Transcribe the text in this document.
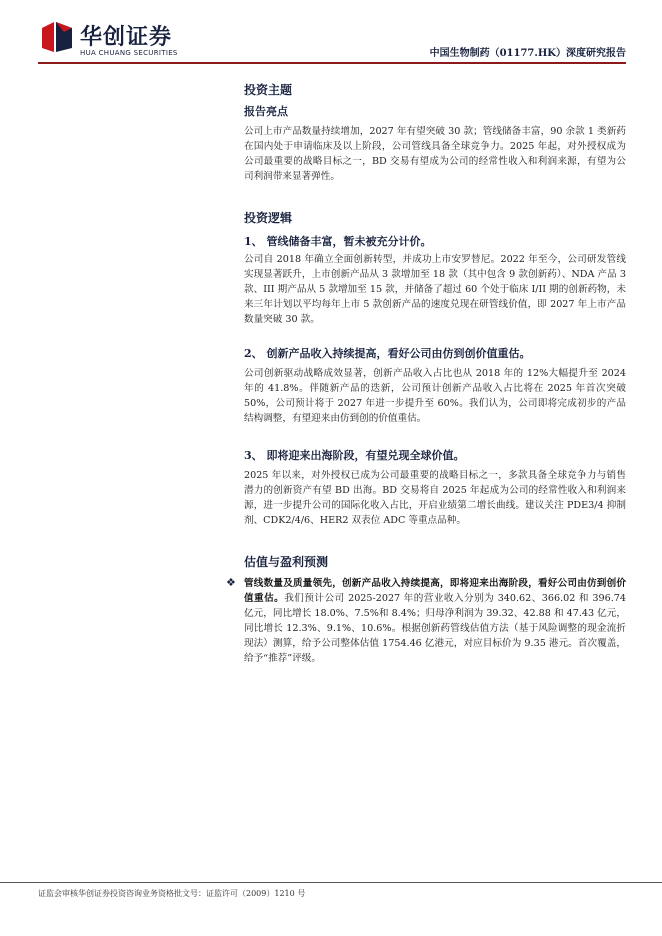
华创证券
HUA CHUANG SECURITIES	中国生物制药（01177.HK）深度研究报告

投资主题

报告亮点

公司上市产品数量持续增加，2027 年有望突破 30 款；管线储备丰富，90 余款 1 类新药在国内处于申请临床及以上阶段，公司管线具备全球竞争力。2025 年起，对外授权成为公司最重要的战略目标之一，BD 交易有望成为公司的经常性收入和利润来源，有望为公司利润带来显著弹性。

投资逻辑

1、 管线储备丰富，暂未被充分计价。

公司自 2018 年确立全面创新转型，并成功上市安罗替尼。2022 年至今，公司研发管线实现显著跃升，上市创新产品从 3 款增加至 18 款（其中包含 9 款创新药）、NDA 产品 3 款、III 期产品从 5 款增加至 15 款，并储备了超过 60 个处于临床 I/II 期的创新药物，未来三年计划以平均每年上市 5 款创新产品的速度兑现在研管线价值，即 2027 年上市产品数量突破 30 款。

2、 创新产品收入持续提高，看好公司由仿到创价值重估。

公司创新驱动战略成效显著，创新产品收入占比也从 2018 年的 12%大幅提升至 2024 年的 41.8%。伴随新产品的迭新，公司预计创新产品收入占比将在 2025 年首次突破 50%，公司预计将于 2027 年进一步提升至 60%。我们认为，公司即将完成初步的产品结构调整，有望迎来由仿到创的价值重估。

3、 即将迎来出海阶段，有望兑现全球价值。

2025 年以来，对外授权已成为公司最重要的战略目标之一，多款具备全球竞争力与销售潜力的创新资产有望 BD 出海。BD 交易将自 2025 年起成为公司的经常性收入和利润来源，进一步提升公司的国际化收入占比，开启业绩第二增长曲线。建议关注 PDE3/4 抑制剂、CDK2/4/6、HER2 双表位 ADC 等重点品种。

估值与盈利预测

❖ 管线数量及质量领先，创新产品收入持续提高，即将迎来出海阶段，看好公司由仿到创价值重估。我们预计公司 2025-2027 年的营业收入分别为 340.62、366.02 和 396.74 亿元，同比增长 18.0%、7.5%和 8.4%；归母净利润为 39.32、42.88 和 47.43 亿元，同比增长 12.3%、9.1%、10.6%。根据创新药管线估值方法（基于风险调整的现金流折现法）测算，给予公司整体估值 1754.46 亿港元，对应目标价为 9.35 港元。首次覆盖，给予“推荐”评级。

证监会审核华创证券投资咨询业务资格批文号：证监许可（2009）1210 号
